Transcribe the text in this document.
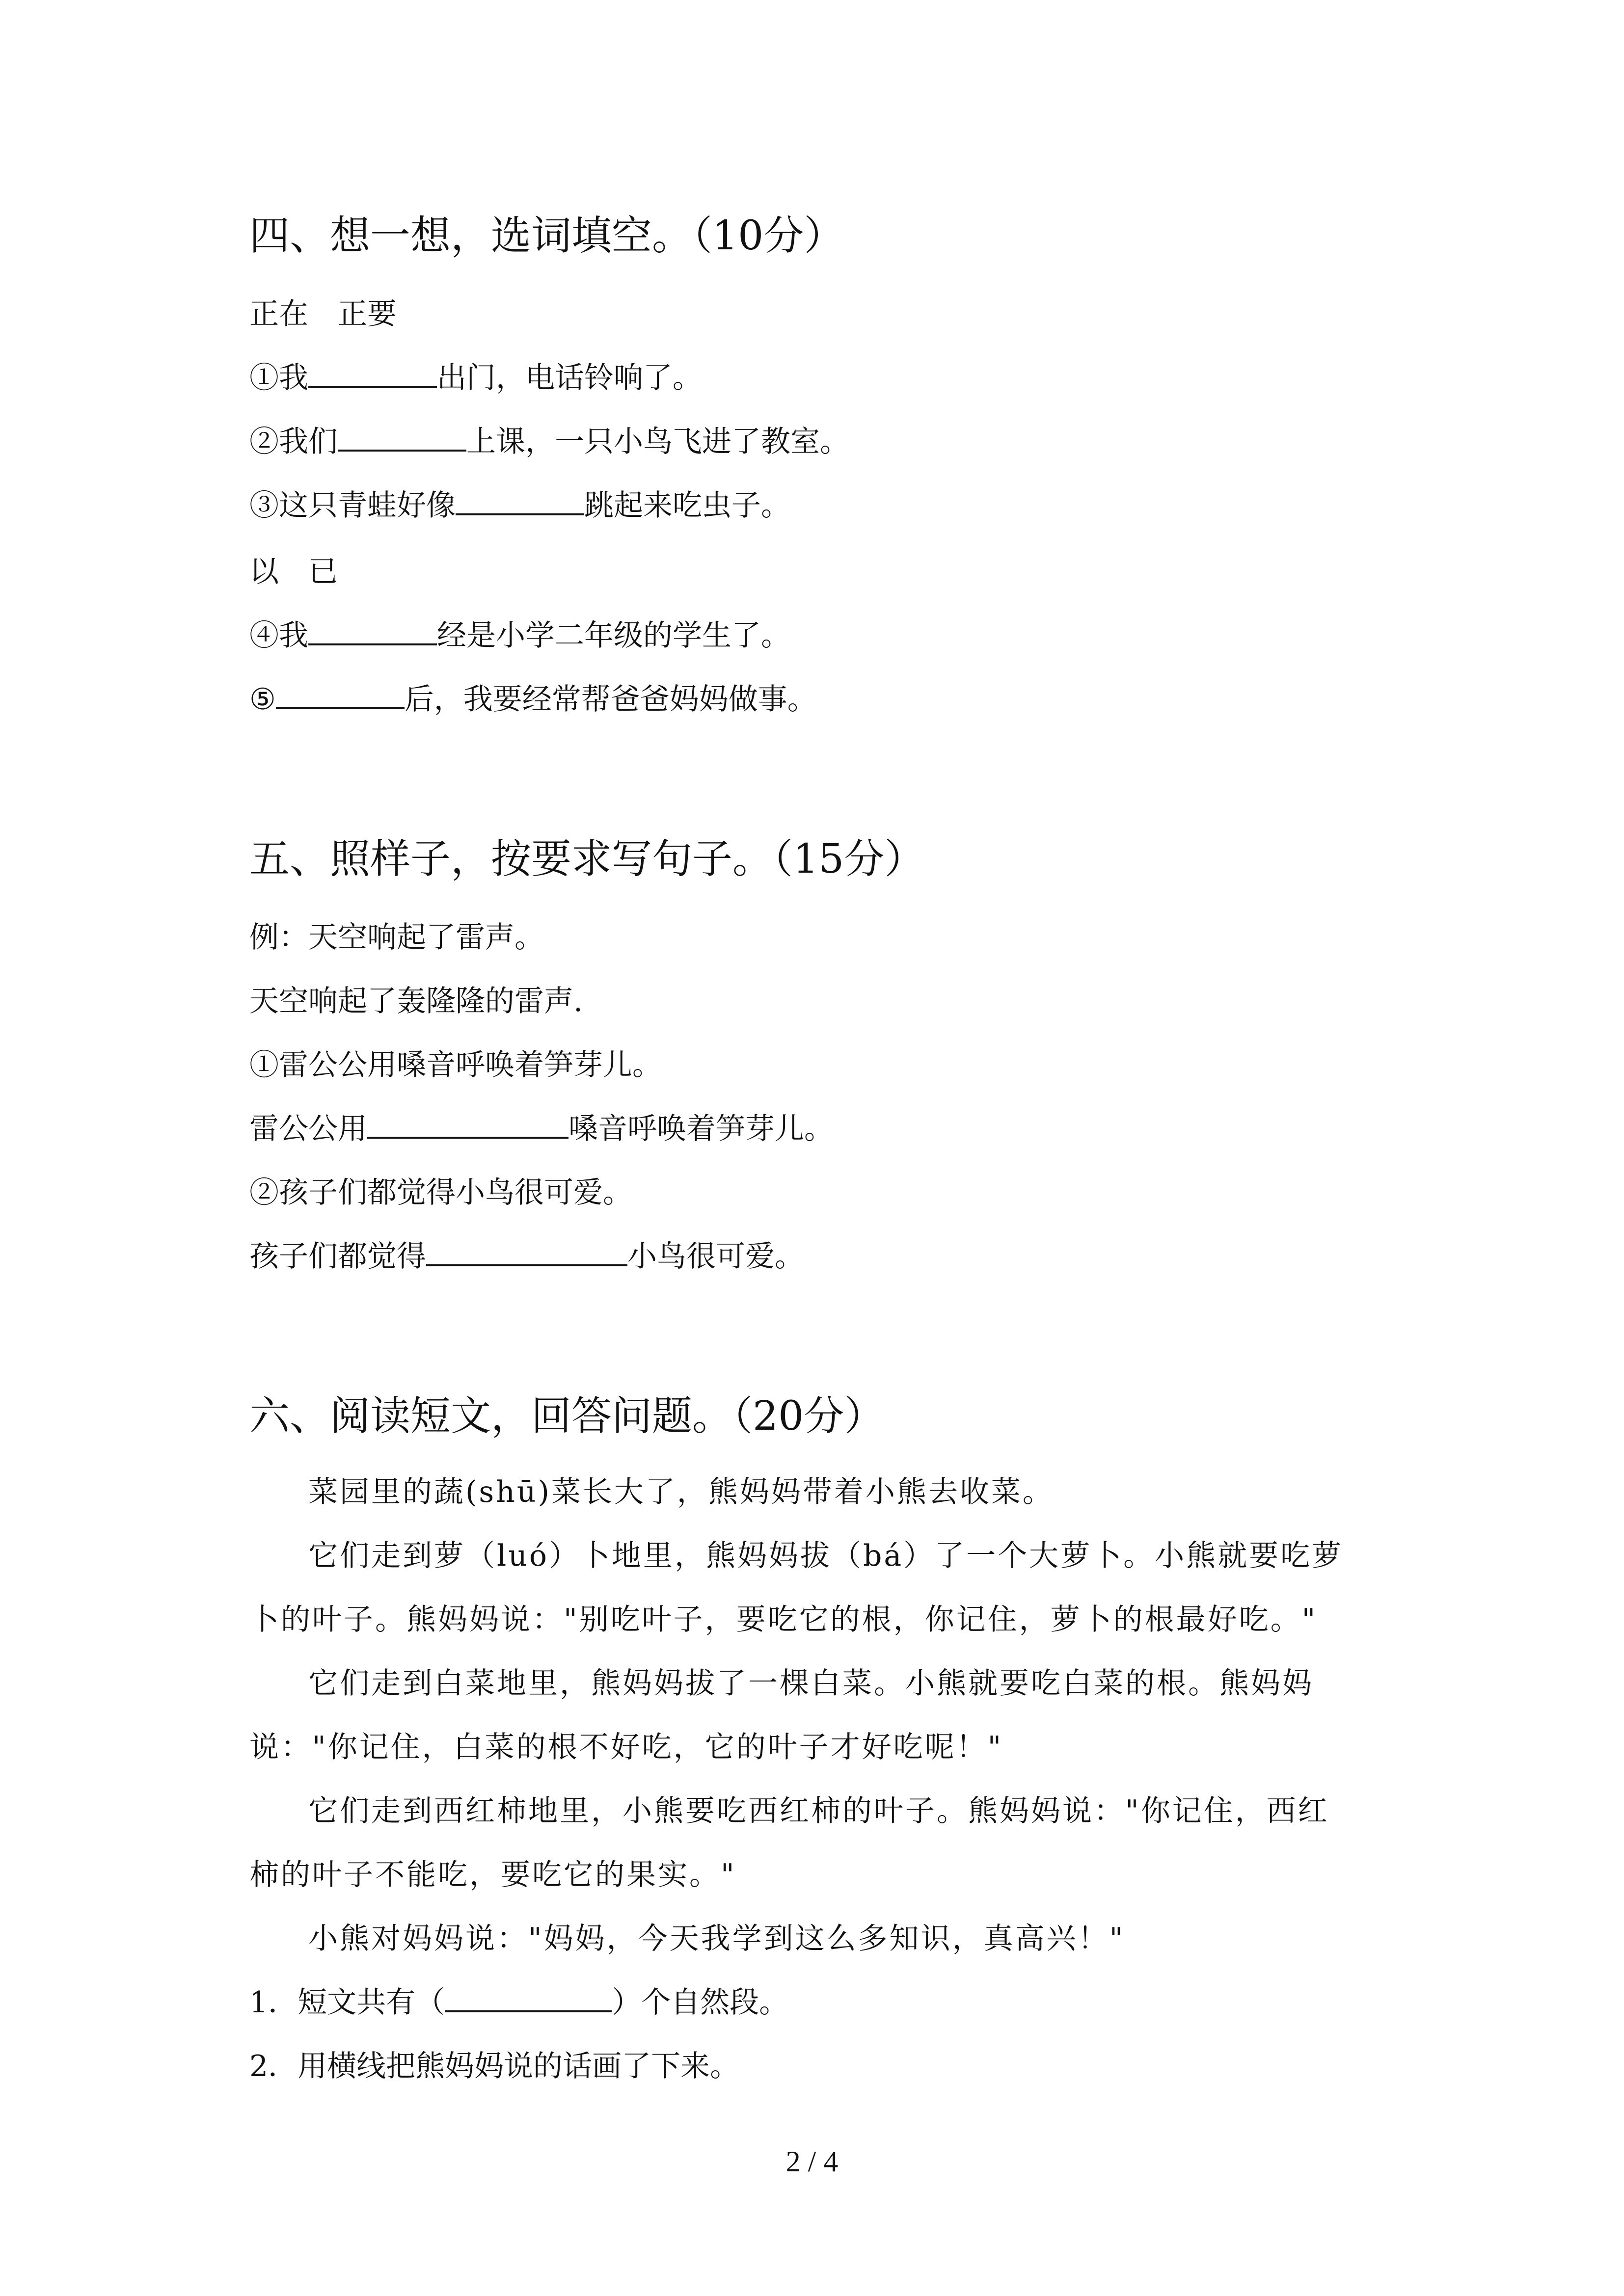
四、想一想，选词填空。（10分）
正在　正要
①我	出门，电话铃响了。
②我们	上课，一只小鸟飞进了教室。
③这只青蛙好像	跳起来吃虫子。
以　已
④我	经是小学二年级的学生了。
⑤	后，我要经常帮爸爸妈妈做事。
五、照样子，按要求写句子。（15分）
例：天空响起了雷声。
天空响起了轰隆隆的雷声.
①雷公公用嗓音呼唤着笋芽儿。
雷公公用	嗓音呼唤着笋芽儿。
②孩子们都觉得小鸟很可爱。
孩子们都觉得	小鸟很可爱。
六、阅读短文，回答问题。（20分）
菜园里的蔬(shū)菜长大了，熊妈妈带着小熊去收菜。
它们走到萝（luó）卜地里，熊妈妈拔（bá）了一个大萝卜。小熊就要吃萝
卜的叶子。熊妈妈说："别吃叶子，要吃它的根，你记住，萝卜的根最好吃。"
它们走到白菜地里，熊妈妈拔了一棵白菜。小熊就要吃白菜的根。熊妈妈
说："你记住，白菜的根不好吃，它的叶子才好吃呢！"
它们走到西红柿地里，小熊要吃西红柿的叶子。熊妈妈说："你记住，西红
柿的叶子不能吃，要吃它的果实。"
小熊对妈妈说："妈妈，今天我学到这么多知识，真高兴！"
1．短文共有（	）个自然段。
2．用横线把熊妈妈说的话画了下来。
2 / 4
